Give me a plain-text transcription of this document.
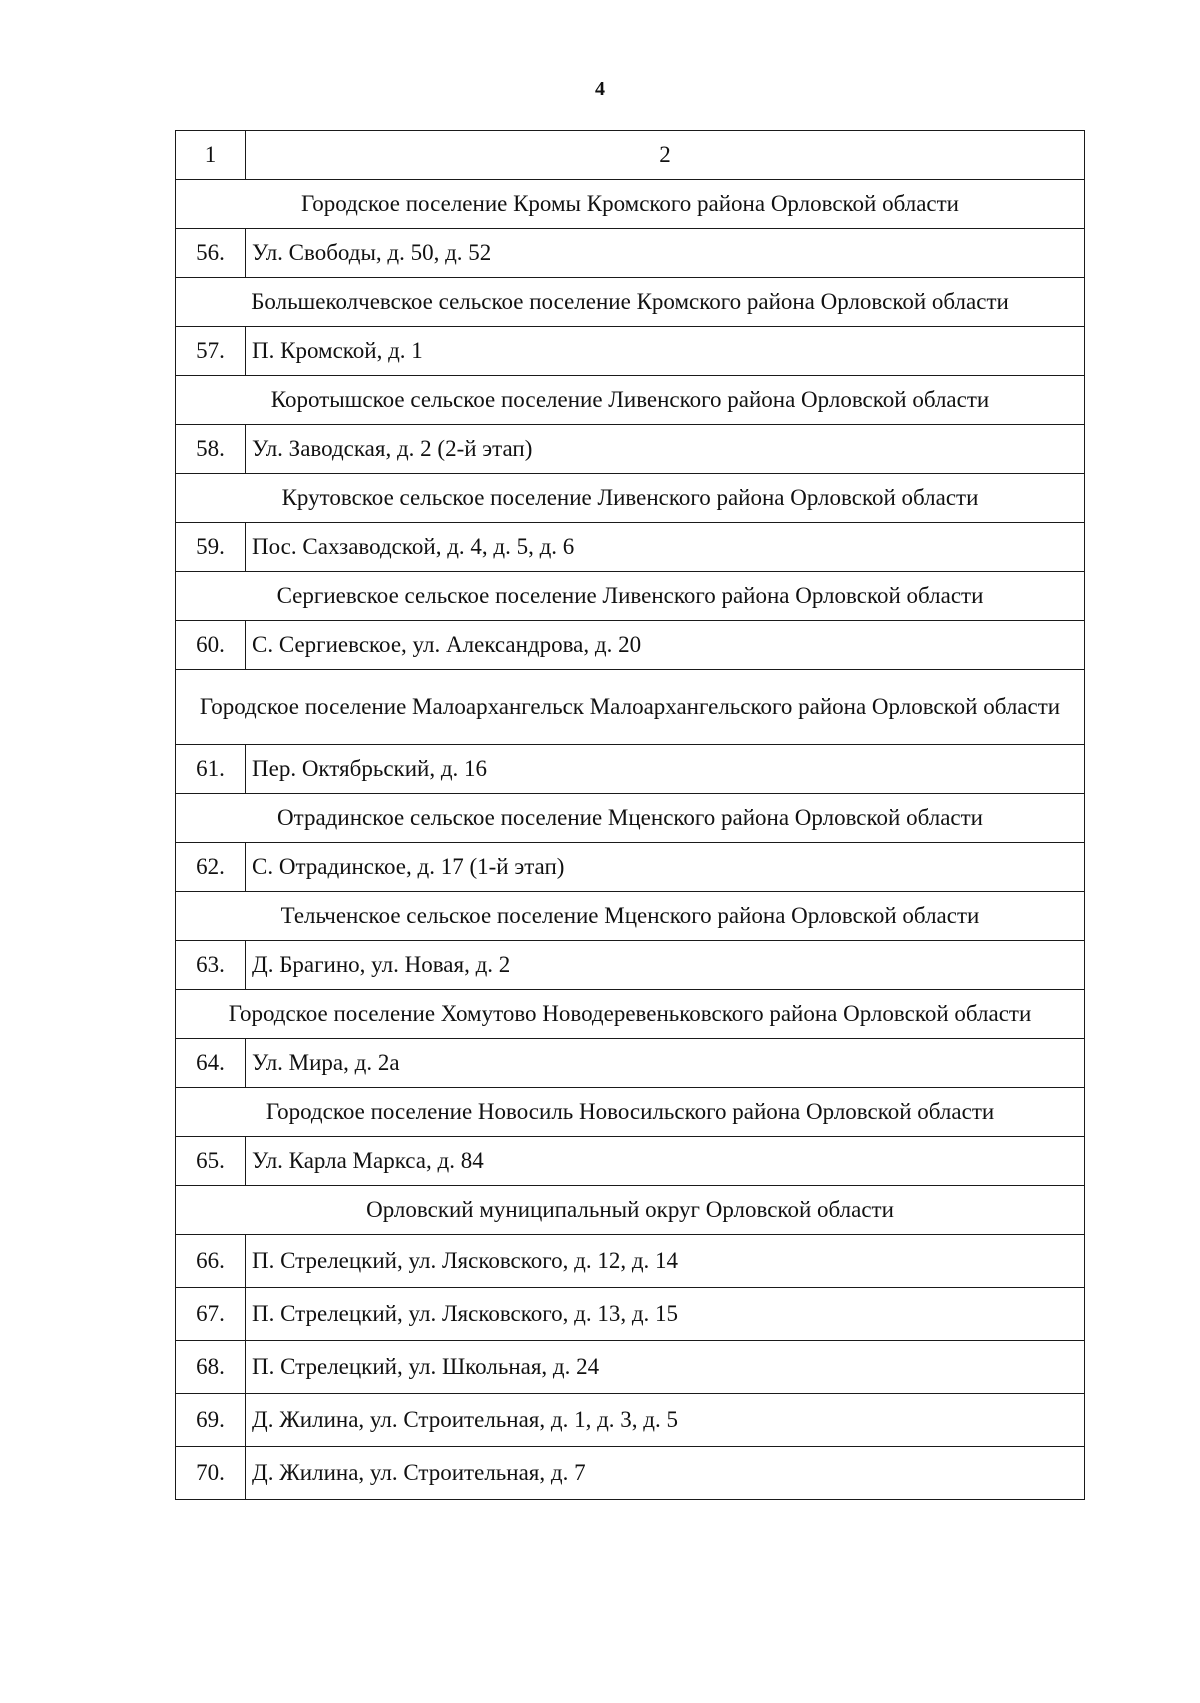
4
1	2
Городское поселение Кромы Кромского района Орловской области	
56.	Ул. Свободы, д. 50, д. 52
Большеколчевское сельское поселение Кромского района Орловской области	
57.	П. Кромской, д. 1
Коротышское сельское поселение Ливенского района Орловской области	
58.	Ул. Заводская, д. 2 (2-й этап)
Крутовское сельское поселение Ливенского района Орловской области	
59.	Пос. Сахзаводской, д. 4, д. 5, д. 6
Сергиевское сельское поселение Ливенского района Орловской области	
60.	С. Сергиевское, ул. Александрова, д. 20
Городское поселение Малоархангельск Малоархангельского района Орловской области	
61.	Пер. Октябрьский, д. 16
Отрадинское сельское поселение Мценского района Орловской области	
62.	С. Отрадинское, д. 17 (1-й этап)
Тельченское сельское поселение Мценского района Орловской области	
63.	Д. Брагино, ул. Новая, д. 2
Городское поселение Хомутово Новодеревеньковского района Орловской области	
64.	Ул. Мира, д. 2а
Городское поселение Новосиль Новосильского района Орловской области	
65.	Ул. Карла Маркса, д. 84
Орловский муниципальный округ Орловской области	
66.	П. Стрелецкий, ул. Лясковского, д. 12, д. 14
67.	П. Стрелецкий, ул. Лясковского, д. 13, д. 15
68.	П. Стрелецкий, ул. Школьная, д. 24
69.	Д. Жилина, ул. Строительная, д. 1, д. 3, д. 5
70.	Д. Жилина, ул. Строительная, д. 7
